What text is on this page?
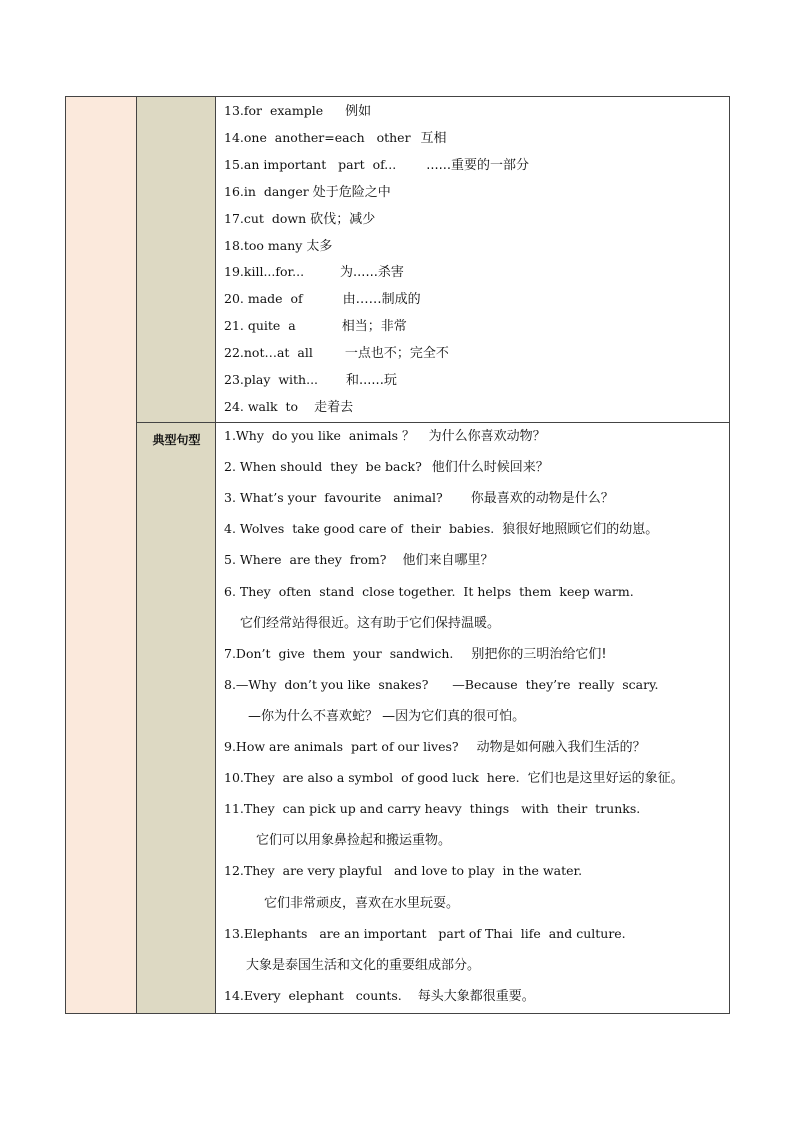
典型句型
13.for  example 例如
14.one  another=each   other 互相
15.an important   part  of... ......重要的一部分
16.in  danger 处于危险之中
17.cut  down 砍伐；减少
18.too many 太多
19.kill...for...	为......杀害
20. made  of	由……制成的
21. quite  a	相当；非常
22.not…at  all 一点也不；完全不
23.play  with... 和......玩
24. walk  to 走着去
1.Why  do you like  animals ？ 为什么你喜欢动物？
2. When should  they  be back? 他们什么时候回来？
3. What’s your  favourite   animal? 你最喜欢的动物是什么？
4. Wolves  take good care of  their  babies. 狼很好地照顾它们的幼崽。
5. Where  are they  from? 他们来自哪里？
6. They  often  stand  close together.  It helps  them  keep warm.
它们经常站得很近。这有助于它们保持温暖。
7.Don’t  give  them  your  sandwich. 别把你的三明治给它们!
8.—Why  don’t you like  snakes?      —Because  they’re  really  scary.
—你为什么不喜欢蛇？ —因为它们真的很可怕。
9.How are animals  part of our lives? 动物是如何融入我们生活的？
10.They  are also a symbol  of good luck  here. 它们也是这里好运的象征。
11.They  can pick up and carry heavy  things   with  their  trunks.
它们可以用象鼻捡起和搬运重物。
12.They  are very playful   and love to play  in the water.
它们非常顽皮，喜欢在水里玩耍。
13.Elephants   are an important   part of Thai  life  and culture.
大象是泰国生活和文化的重要组成部分。
14.Every  elephant   counts. 每头大象都很重要。
